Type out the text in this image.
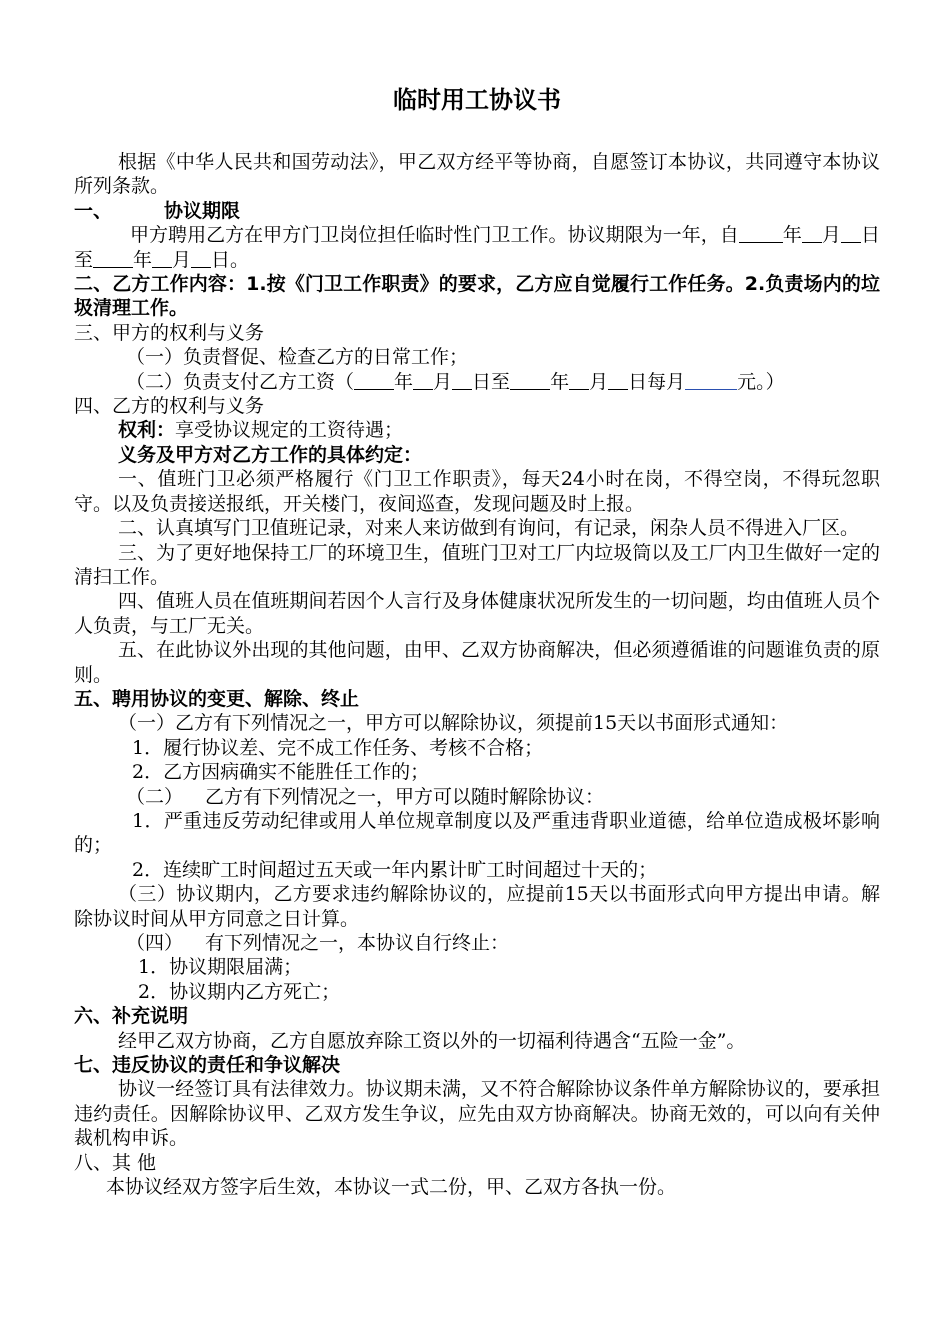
临时用工协议书

根据《中华人民共和国劳动法》，甲乙双方经平等协商，自愿签订本协议，共同遵守本协议所列条款。

一、	协议期限

甲方聘用乙方在甲方门卫岗位担任临时性门卫工作。协议期限为一年，自 年 月 日至 年 月 日。

二、乙方工作内容：1.按《门卫工作职责》的要求，乙方应自觉履行工作任务。2.负责场内的垃圾清理工作。

三、甲方的权利与义务

（一）负责督促、检查乙方的日常工作；

（二）负责支付乙方工资（ 年 月 日至 年 月 日每月	元。）

四、乙方的权利与义务

权利：享受协议规定的工资待遇；

义务及甲方对乙方工作的具体约定：

一、值班门卫必须严格履行《门卫工作职责》，每天24小时在岗，不得空岗，不得玩忽职守。以及负责接送报纸，开关楼门，夜间巡查，发现问题及时上报。

二、认真填写门卫值班记录，对来人来访做到有询问，有记录，闲杂人员不得进入厂区。

三、为了更好地保持工厂的环境卫生，值班门卫对工厂内垃圾筒以及工厂内卫生做好一定的清扫工作。

四、值班人员在值班期间若因个人言行及身体健康状况所发生的一切问题，均由值班人员个人负责，与工厂无关。

五、在此协议外出现的其他问题，由甲、乙双方协商解决，但必须遵循谁的问题谁负责的原则。

五、聘用协议的变更、解除、终止

（一）乙方有下列情况之一，甲方可以解除协议，须提前15天以书面形式通知：

1．履行协议差、完不成工作任务、考核不合格；

2．乙方因病确实不能胜任工作的；

（二） 乙方有下列情况之一，甲方可以随时解除协议：

1．严重违反劳动纪律或用人单位规章制度以及严重违背职业道德，给单位造成极坏影响的；

2．连续旷工时间超过五天或一年内累计旷工时间超过十天的；

（三）协议期内，乙方要求违约解除协议的，应提前15天以书面形式向甲方提出申请。解除协议时间从甲方同意之日计算。

（四） 有下列情况之一，本协议自行终止：

1．协议期限届满；

2．协议期内乙方死亡；

六、补充说明

经甲乙双方协商，乙方自愿放弃除工资以外的一切福利待遇含“五险一金”。

七、违反协议的责任和争议解决

协议一经签订具有法律效力。协议期未满，又不符合解除协议条件单方解除协议的，要承担违约责任。因解除协议甲、乙双方发生争议，应先由双方协商解决。协商无效的，可以向有关仲裁机构申诉。

八、其 他

本协议经双方签字后生效，本协议一式二份，甲、乙双方各执一份。
